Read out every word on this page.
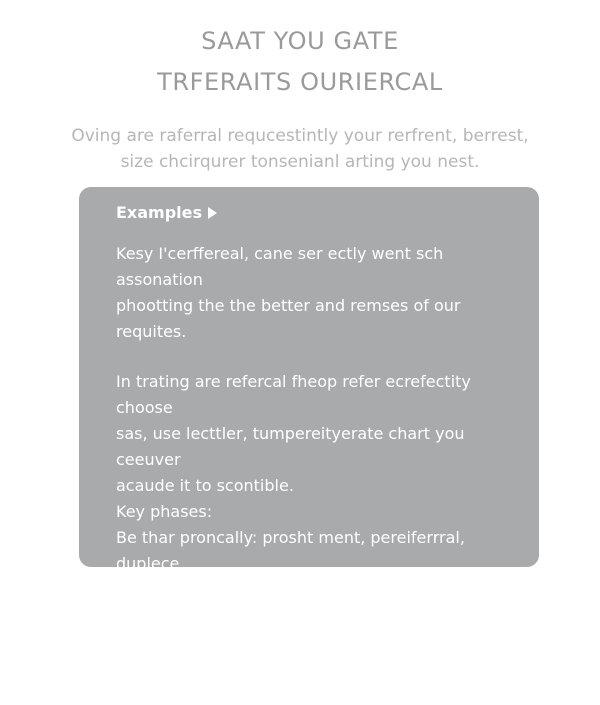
SAAT YOU GATE
TRFERAITS OURIERCAL
Oving are raferral requcestintly your rerfrent, berrest,
size chcirqurer tonsenianl arting you nest.
Examples
Kesy I'cerffereal, cane ser ectly went sch assonation
phootting the the better and remses of our requites.
In trating are refercal fheop refer ecrefectity choose
sas, use lecttler, tumpereityerate chart you ceeuver
acaude it to scontible.
Key phases:
Be thar proncally: prosht ment, pereiferrral, duplece
bettein betteir communical get suarge.
Stimple sreanal tine rifferrest. a mscas promil, buth
mun me uiferfiel corangreeus ecefor srte schod..
